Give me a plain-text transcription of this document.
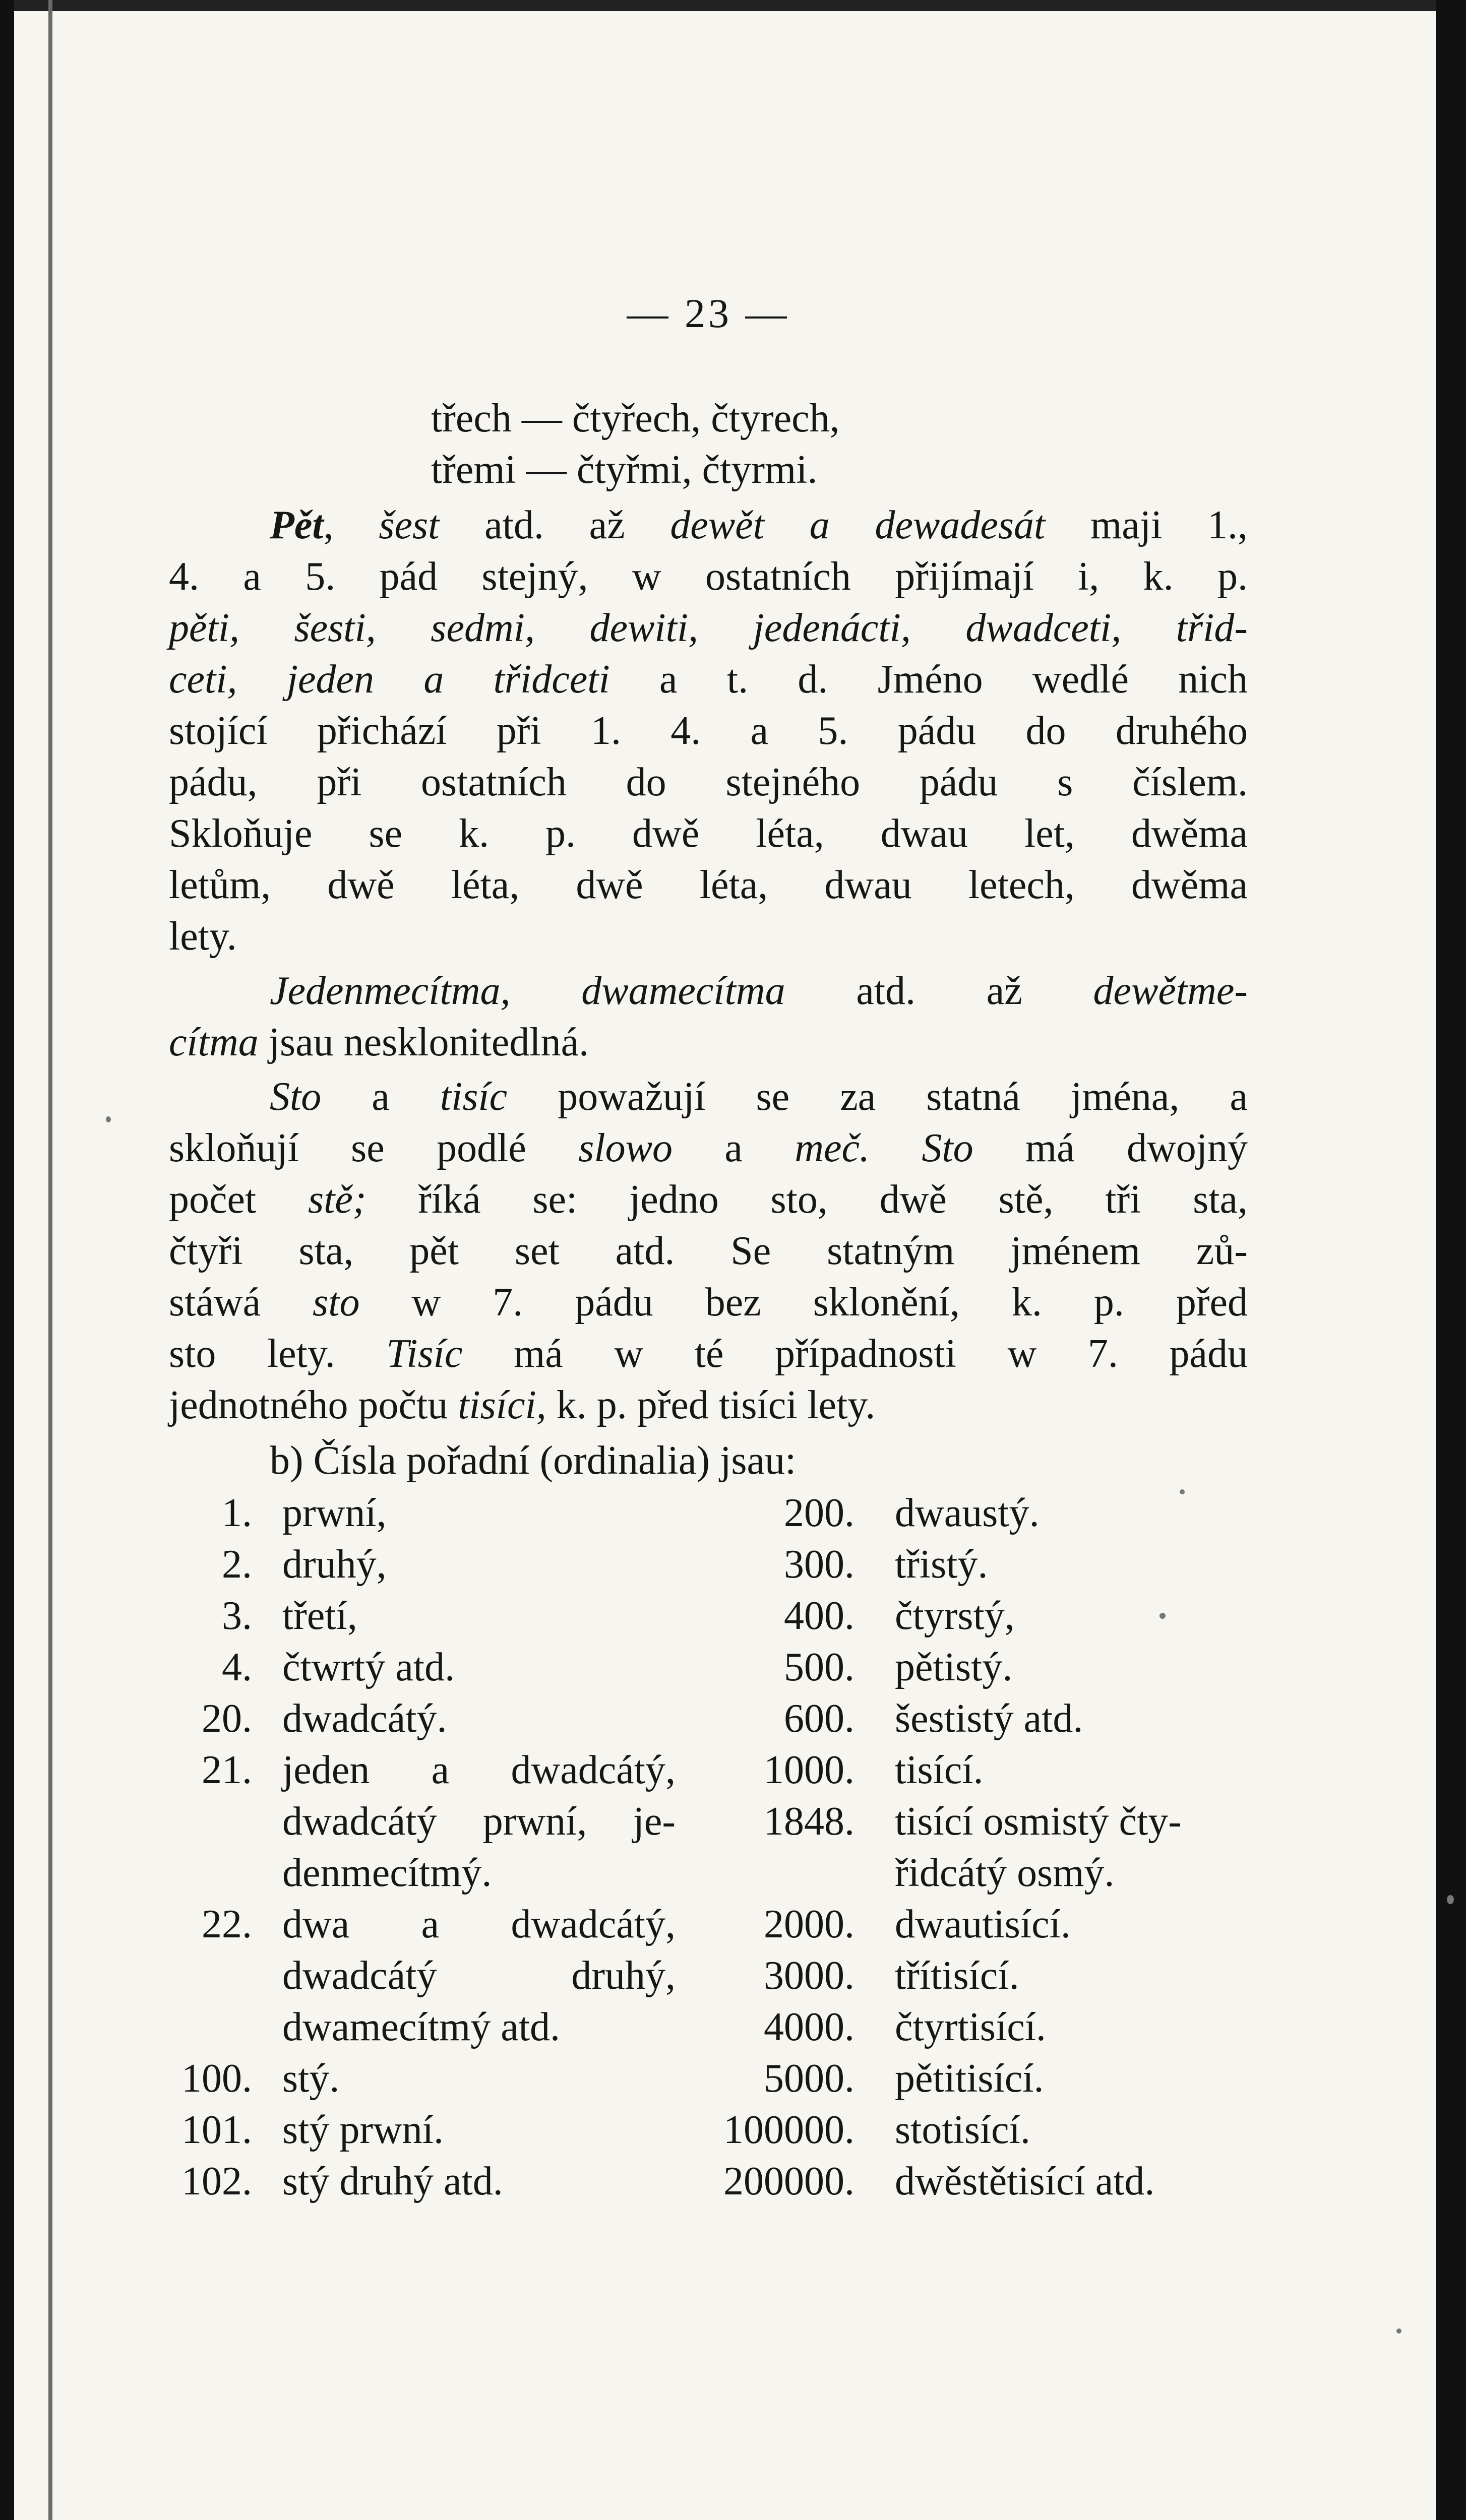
— 23 —
třech — čtyřech, čtyrech,
třemi — čtyřmi, čtyrmi.
Pět, šest atd. až dewět a dewadesát maji 1.,
4. a 5. pád stejný, w ostatních přijímají i, k. p.
pěti, šesti, sedmi, dewiti, jedenácti, dwadceti, třid-
ceti, jeden a třidceti a t. d. Jméno wedlé nich
stojící přichází při 1. 4. a 5. pádu do druhého
pádu, při ostatních do stejného pádu s číslem.
Skloňuje se k. p. dwě léta, dwau let, dwěma
letům, dwě léta, dwě léta, dwau letech, dwěma
lety.
Jedenmecítma, dwamecítma atd. až dewětme-
cítma jsau nesklonitedlná.
Sto a tisíc powažují se za statná jména, a
skloňují se podlé slowo a meč. Sto má dwojný
počet stě; říká se: jedno sto, dwě stě, tři sta,
čtyři sta, pět set atd. Se statným jménem zů-
stáwá sto w 7. pádu bez sklonění, k. p. před
sto lety. Tisíc má w té případnosti w 7. pádu
jednotného počtu tisíci, k. p. před tisíci lety.
b) Čísla pořadní (ordinalia) jsau:
1. prwní,	200. dwaustý.
2. druhý,	300. třistý.
3. třetí,	400. čtyrstý,
4. čtwrtý atd.	500. pětistý.
20. dwadcátý.	600. šestistý atd.
21. jeden a dwadcátý,	1000. tisící.
dwadcátý prwní, je-	1848. tisící osmistý čty-
denmecítmý.	řidcátý osmý.
22. dwa a dwadcátý,	2000. dwautisící.
dwadcátý druhý,	3000. třítisící.
dwamecítmý atd.	4000. čtyrtisící.
100. stý.	5000. pětitisící.
101. stý prwní.	100000. stotisící.
102. stý druhý atd.	200000. dwěstětisící atd.
